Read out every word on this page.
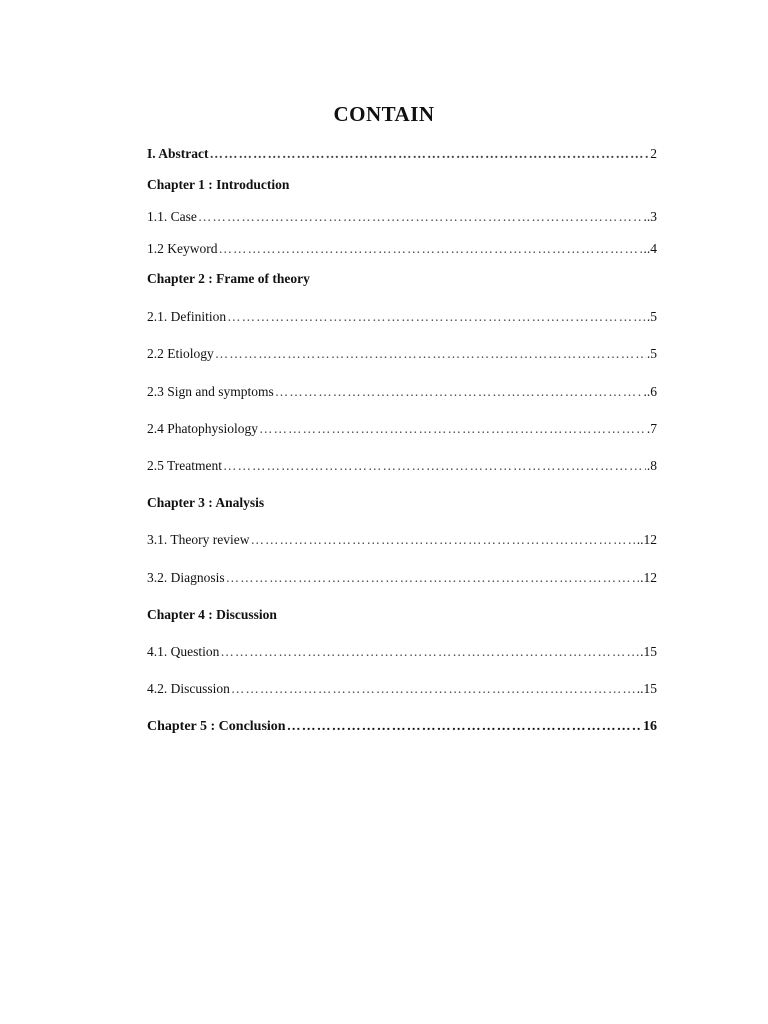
CONTAIN
I. Abstract ………………………………………………………………………………………………………………………………………………	2
Chapter 1 : Introduction
1.1. Case ………………………………………………………………………………………………………………………………………………	..3
1.2 Keyword ………………………………………………………………………………………………………………………………………………	..4
Chapter 2 : Frame of theory
2.1. Definition ………………………………………………………………………………………………………………………………………………	.5
2.2 Etiology ………………………………………………………………………………………………………………………………………………	.5
2.3 Sign and symptoms ………………………………………………………………………………………………………………………………………………	..6
2.4 Phatophysiology ………………………………………………………………………………………………………………………………………………	.7
2.5 Treatment ………………………………………………………………………………………………………………………………………………	.8
Chapter 3 : Analysis
3.1. Theory review ………………………………………………………………………………………………………………………………………………	..12
3.2. Diagnosis ………………………………………………………………………………………………………………………………………………	.12
Chapter 4 : Discussion
4.1. Question ………………………………………………………………………………………………………………………………………………	.15
4.2. Discussion ………………………………………………………………………………………………………………………………………………	..15
Chapter 5 : Conclusion ………………………………………………………………………………………………………………………………………………	16
